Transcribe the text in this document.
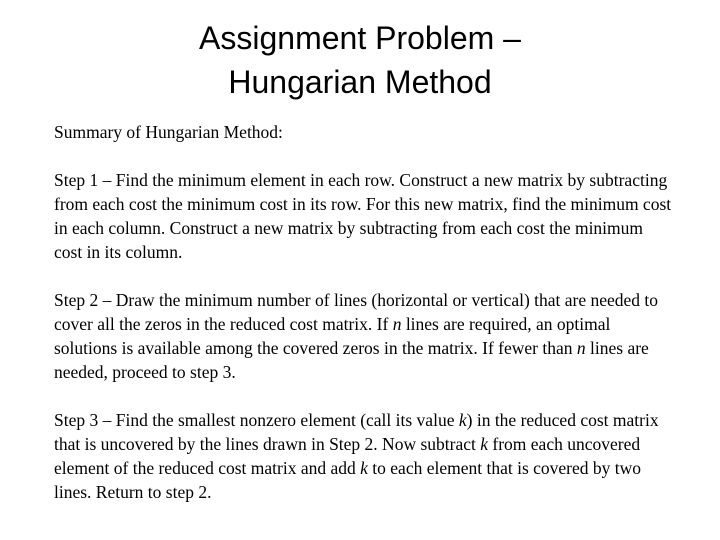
Assignment Problem –
Hungarian Method

Summary of Hungarian Method:

Step 1 – Find the minimum element in each row. Construct a new matrix by subtracting from each cost the minimum cost in its row. For this new matrix, find the minimum cost in each column. Construct a new matrix by subtracting from each cost the minimum cost in its column.

Step 2 – Draw the minimum number of lines (horizontal or vertical) that are needed to cover all the zeros in the reduced cost matrix. If n lines are required, an optimal solutions is available among the covered zeros in the matrix. If fewer than n lines are needed, proceed to step 3.

Step 3 – Find the smallest nonzero element (call its value k) in the reduced cost matrix that is uncovered by the lines drawn in Step 2. Now subtract k from each uncovered element of the reduced cost matrix and add k to each element that is covered by two lines. Return to step 2.
